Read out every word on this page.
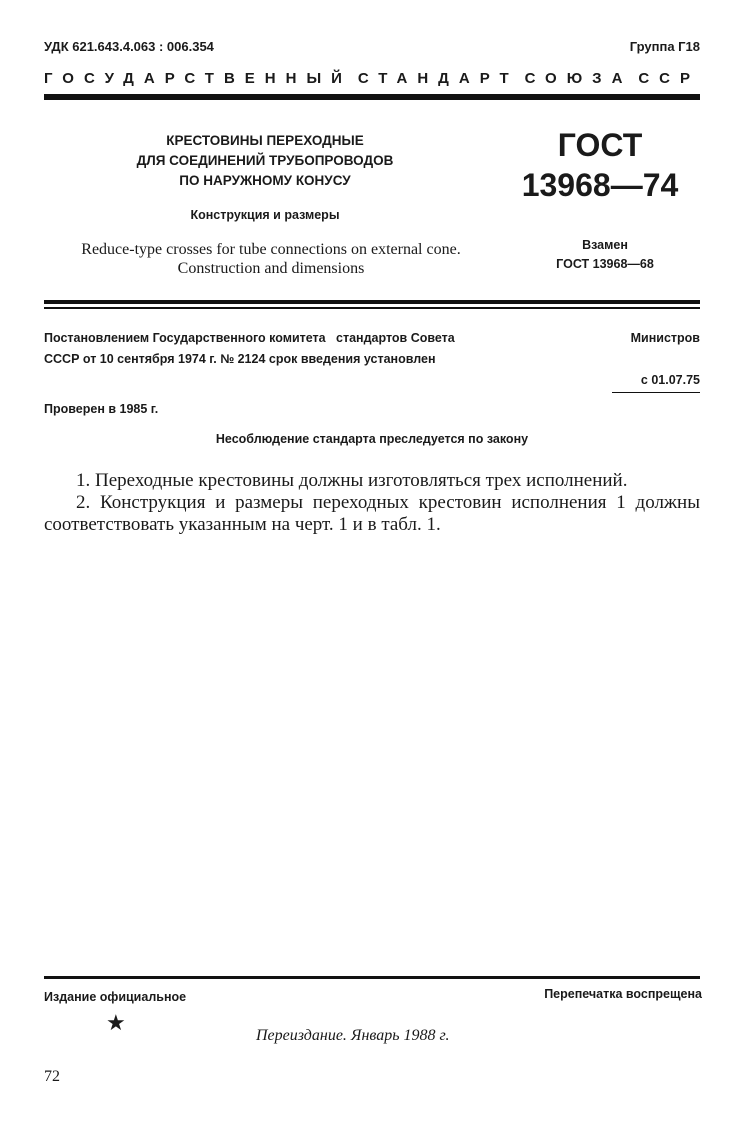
УДК 621.643.4.063 : 006.354	Группа Г18
ГОСУДАРСТВЕННЫЙ СТАНДАРТ СОЮЗА ССР
КРЕСТОВИНЫ ПЕРЕХОДНЫЕ
ДЛЯ СОЕДИНЕНИЙ ТРУБОПРОВОДОВ
ПО НАРУЖНОМУ КОНУСУ
Конструкция и размеры
Reduce-type crosses for tube connections on external cone.
Construction and dimensions
ГОСТ
13968—74
Взамен
ГОСТ 13968—68
Постановлением Государственного комитета   стандартов Совета	Министров
СССР от 10 сентября 1974 г. № 2124 срок введения установлен
с 01.07.75
Проверен в 1985 г.
Несоблюдение стандарта преследуется по закону

1. Переходные крестовины должны изготовляться трех исполнений.

2. Конструкция и размеры переходных крестовин исполнения 1 должны соответствовать указанным на черт. 1 и в табл. 1.

Издание официальное	Перепечатка воспрещена
★
Переиздание. Январь 1988 г.
72
